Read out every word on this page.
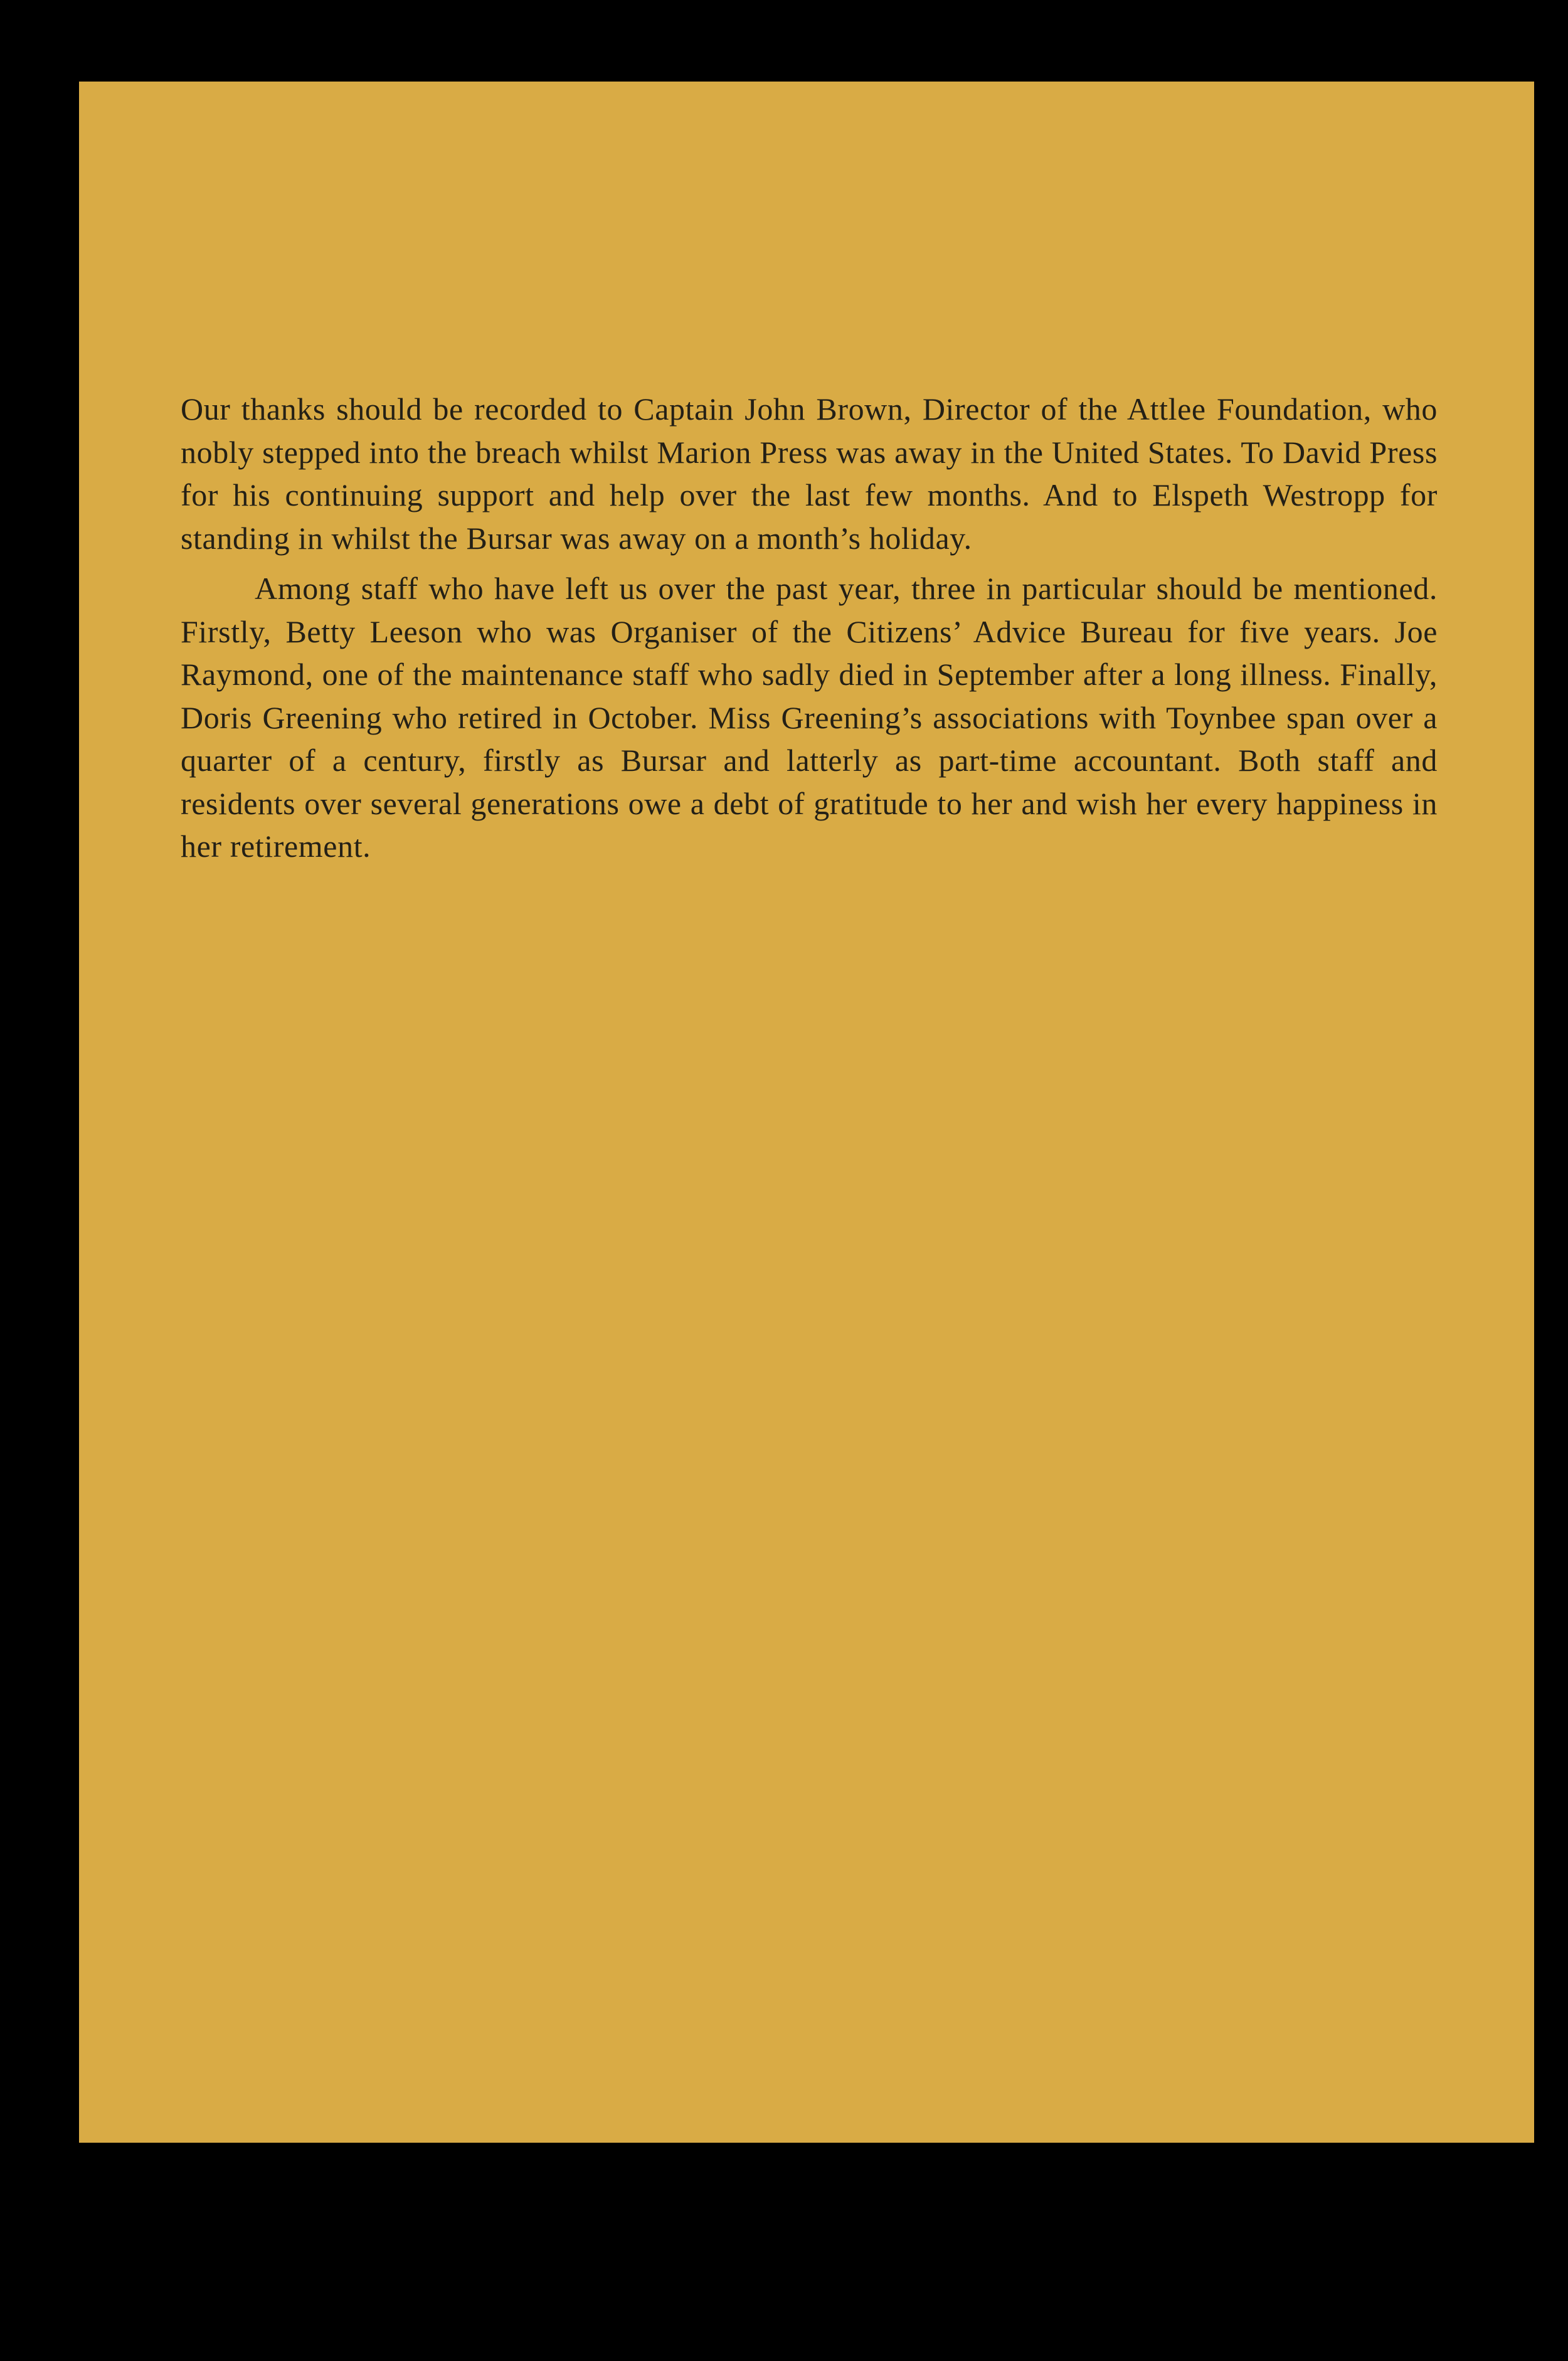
Our thanks should be recorded to Captain John Brown, Director of the Attlee Foundation, who nobly stepped into the breach whilst Marion Press was away in the United States. To David Press for his continuing support and help over the last few months. And to Elspeth Westropp for standing in whilst the Bursar was away on a month’s holiday.

Among staff who have left us over the past year, three in particular should be mentioned. Firstly, Betty Leeson who was Organiser of the Citizens’ Advice Bureau for five years. Joe Raymond, one of the maintenance staff who sadly died in September after a long illness. Finally, Doris Greening who retired in October. Miss Greening’s associations with Toynbee span over a quarter of a century, firstly as Bursar and latterly as part-time accountant. Both staff and residents over several generations owe a debt of gratitude to her and wish her every happiness in her retirement.
